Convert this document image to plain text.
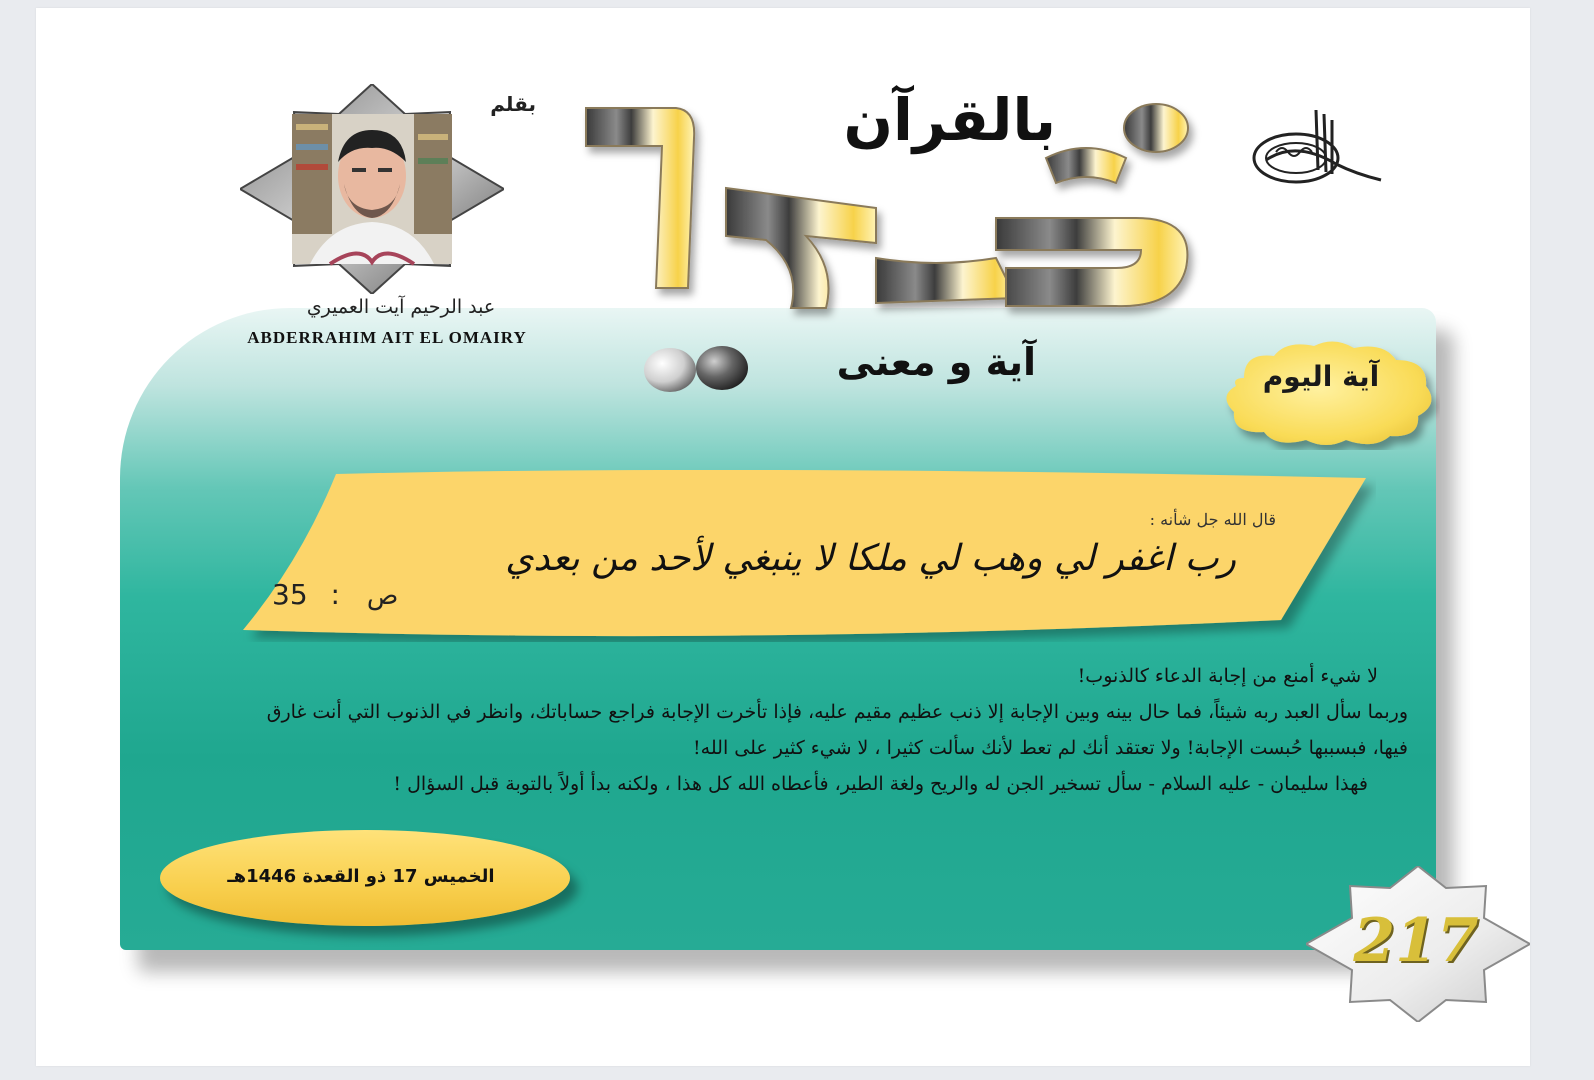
بالقرآن
آية و معنى
بقلم
عبد الرحيم آيت العميري
ABDERRAHIM AIT EL OMAIRY
آية اليوم
قال الله جل شأنه :
رب اغفر لي وهب لي ملكا لا ينبغي لأحد من بعدي
35 : ص

لا شيء أمنع من إجابة الدعاء كالذنوب!

وربما سأل العبد ربه شيئاً، فما حال بينه وبين الإجابة إلا ذنب عظيم مقيم عليه، فإذا تأخرت الإجابة فراجع حساباتك، وانظر في الذنوب التي أنت غارق

فيها، فبسببها حُبست الإجابة! ولا تعتقد أنك لم تعط لأنك سألت كثيرا ، لا شيء كثير على الله!

فهذا سليمان - عليه السلام - سأل تسخير الجن له والريح ولغة الطير، فأعطاه الله كل هذا ، ولكنه بدأ أولاً بالتوبة قبل السؤال !

الخميس 17 ذو القعدة 1446هـ
217
